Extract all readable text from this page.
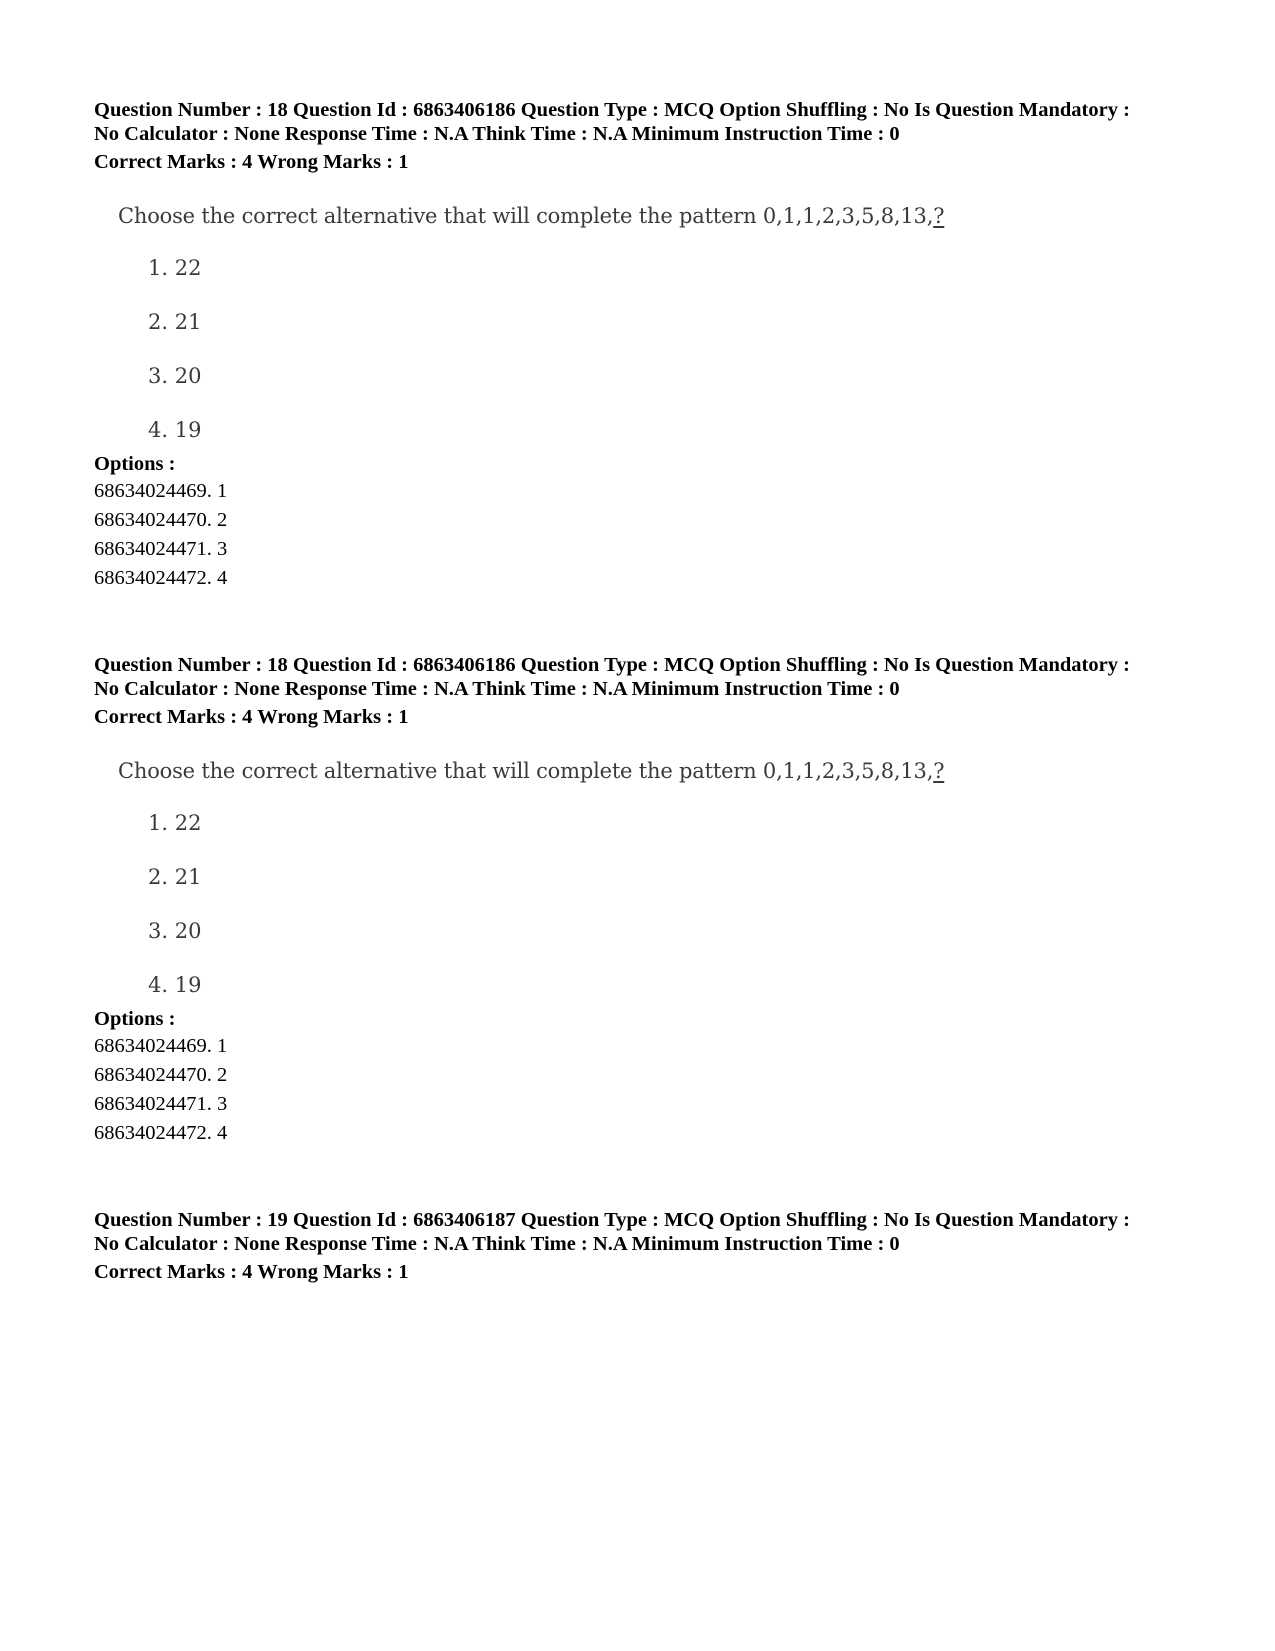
Question Number : 18 Question Id : 6863406186 Question Type : MCQ Option Shuffling : No Is Question Mandatory :
No Calculator : None Response Time : N.A Think Time : N.A Minimum Instruction Time : 0
Correct Marks : 4 Wrong Marks : 1
Choose the correct alternative that will complete the pattern 0,1,1,2,3,5,8,13,?
1. 22
2. 21
3. 20
4. 19
Options :
68634024469. 1
68634024470. 2
68634024471. 3
68634024472. 4
Question Number : 18 Question Id : 6863406186 Question Type : MCQ Option Shuffling : No Is Question Mandatory :
No Calculator : None Response Time : N.A Think Time : N.A Minimum Instruction Time : 0
Correct Marks : 4 Wrong Marks : 1
Choose the correct alternative that will complete the pattern 0,1,1,2,3,5,8,13,?
1. 22
2. 21
3. 20
4. 19
Options :
68634024469. 1
68634024470. 2
68634024471. 3
68634024472. 4
Question Number : 19 Question Id : 6863406187 Question Type : MCQ Option Shuffling : No Is Question Mandatory :
No Calculator : None Response Time : N.A Think Time : N.A Minimum Instruction Time : 0
Correct Marks : 4 Wrong Marks : 1
